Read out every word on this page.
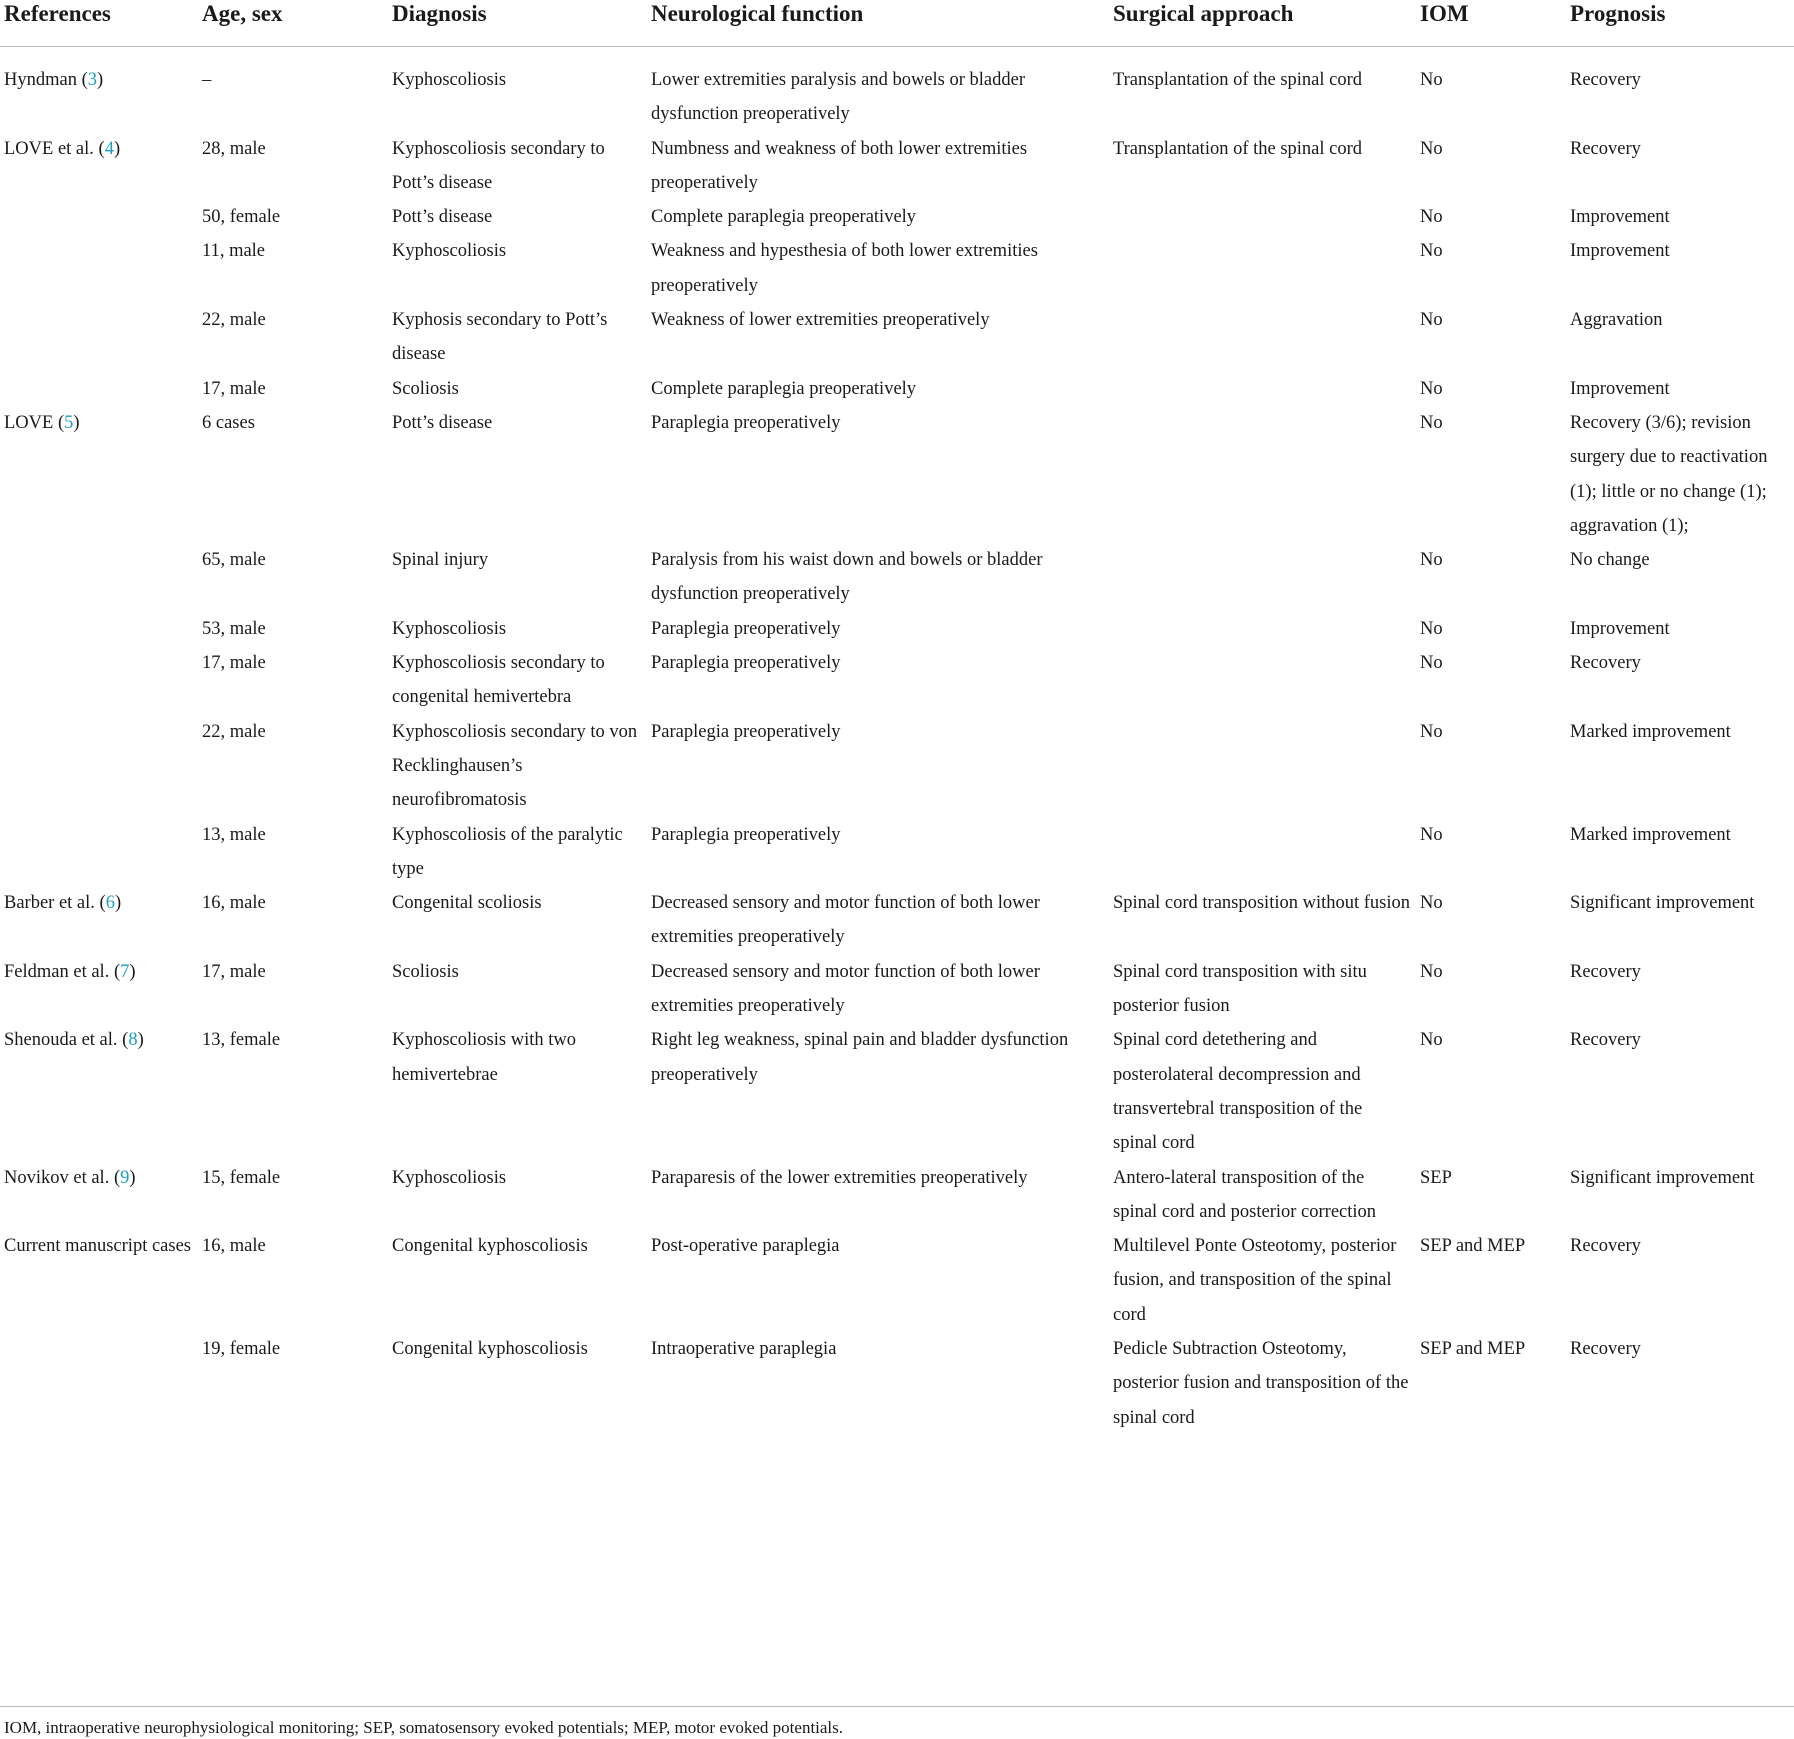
References	Age, sex	Diagnosis	Neurological function	Surgical approach	IOM	Prognosis
Hyndman (3)	–	Kyphoscoliosis	Lower extremities paralysis and bowels or bladder dysfunction preoperatively	Transplantation of the spinal cord	No	Recovery
LOVE et al. (4)	28, male	Kyphoscoliosis secondary to Pott’s disease	Numbness and weakness of both lower extremities preoperatively	Transplantation of the spinal cord	No	Recovery
	50, female	Pott’s disease	Complete paraplegia preoperatively		No	Improvement
	11, male	Kyphoscoliosis	Weakness and hypesthesia of both lower extremities preoperatively		No	Improvement
	22, male	Kyphosis secondary to Pott’s disease	Weakness of lower extremities preoperatively		No	Aggravation
	17, male	Scoliosis	Complete paraplegia preoperatively		No	Improvement
LOVE (5)	6 cases	Pott’s disease	Paraplegia preoperatively		No	Recovery (3/6); revision surgery due to reactivation (1); little or no change (1); aggravation (1);
	65, male	Spinal injury	Paralysis from his waist down and bowels or bladder dysfunction preoperatively		No	No change
	53, male	Kyphoscoliosis	Paraplegia preoperatively		No	Improvement
	17, male	Kyphoscoliosis secondary to congenital hemivertebra	Paraplegia preoperatively		No	Recovery
	22, male	Kyphoscoliosis secondary to von Recklinghausen’s neurofibromatosis	Paraplegia preoperatively		No	Marked improvement
	13, male	Kyphoscoliosis of the paralytic type	Paraplegia preoperatively		No	Marked improvement
Barber et al. (6)	16, male	Congenital scoliosis	Decreased sensory and motor function of both lower extremities preoperatively	Spinal cord transposition without fusion	No	Significant improvement
Feldman et al. (7)	17, male	Scoliosis	Decreased sensory and motor function of both lower extremities preoperatively	Spinal cord transposition with situ posterior fusion	No	Recovery
Shenouda et al. (8)	13, female	Kyphoscoliosis with two hemivertebrae	Right leg weakness, spinal pain and bladder dysfunction preoperatively	Spinal cord detethering and posterolateral decompression and transvertebral transposition of the spinal cord	No	Recovery
Novikov et al. (9)	15, female	Kyphoscoliosis	Paraparesis of the lower extremities preoperatively	Antero-lateral transposition of the spinal cord and posterior correction	SEP	Significant improvement
Current manuscript cases	16, male	Congenital kyphoscoliosis	Post-operative paraplegia	Multilevel Ponte Osteotomy, posterior fusion, and transposition of the spinal cord	SEP and MEP	Recovery
	19, female	Congenital kyphoscoliosis	Intraoperative paraplegia	Pedicle Subtraction Osteotomy, posterior fusion and transposition of the spinal cord	SEP and MEP	Recovery
IOM, intraoperative neurophysiological monitoring; SEP, somatosensory evoked potentials; MEP, motor evoked potentials.
